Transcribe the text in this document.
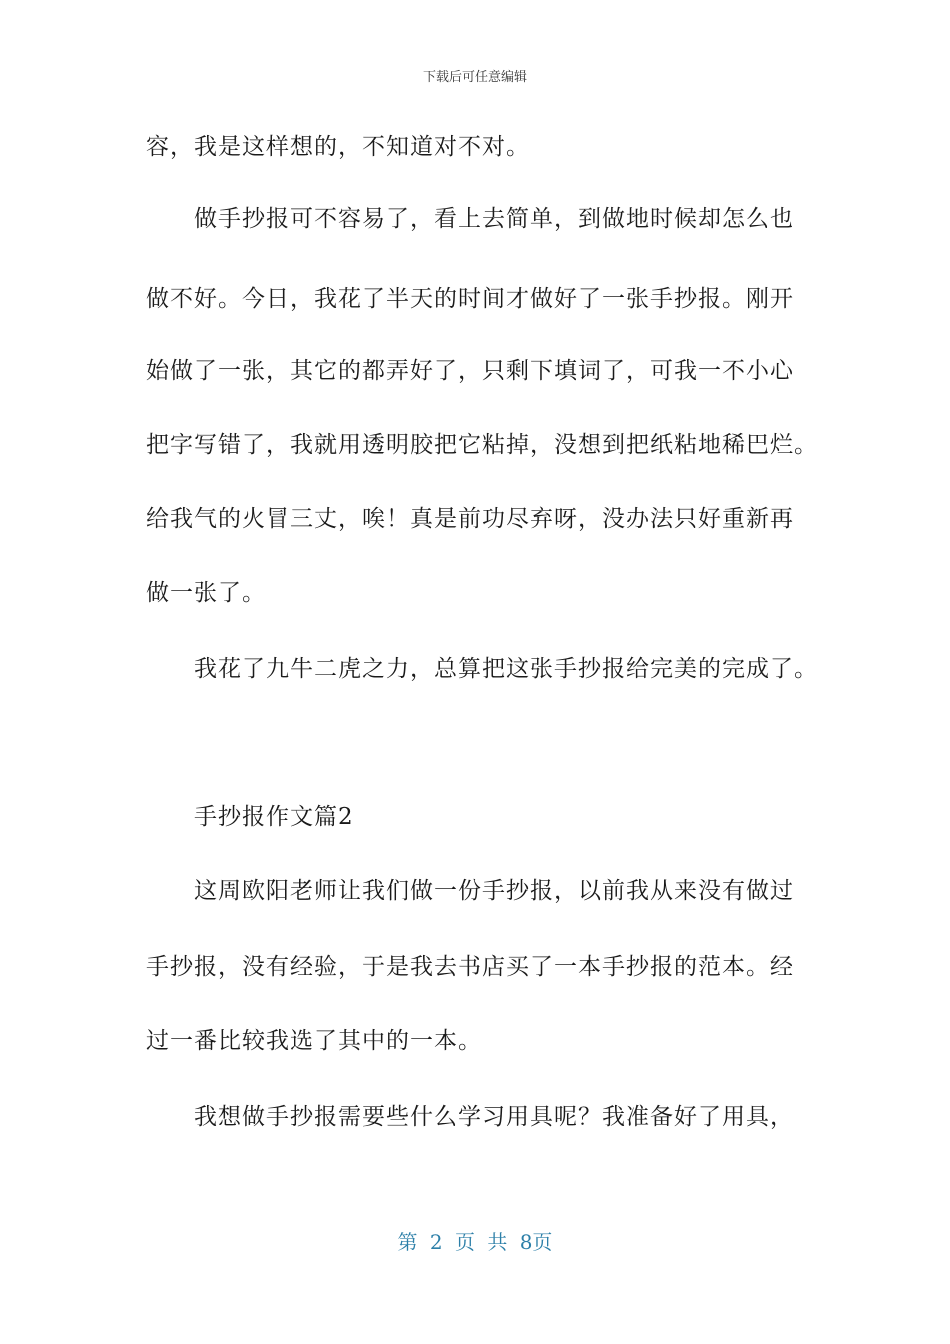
下载后可任意编辑
容，我是这样想的，不知道对不对。
做手抄报可不容易了，看上去简单，到做地时候却怎么也
做不好。今日，我花了半天的时间才做好了一张手抄报。刚开
始做了一张，其它的都弄好了，只剩下填词了，可我一不小心
把字写错了，我就用透明胶把它粘掉，没想到把纸粘地稀巴烂。
给我气的火冒三丈，唉！真是前功尽弃呀，没办法只好重新再
做一张了。
我花了九牛二虎之力，总算把这张手抄报给完美的完成了。
手抄报作文篇2
这周欧阳老师让我们做一份手抄报，以前我从来没有做过
手抄报，没有经验，于是我去书店买了一本手抄报的范本。经
过一番比较我选了其中的一本。
我想做手抄报需要些什么学习用具呢？我准备好了用具，
第 2 页 共 8页
